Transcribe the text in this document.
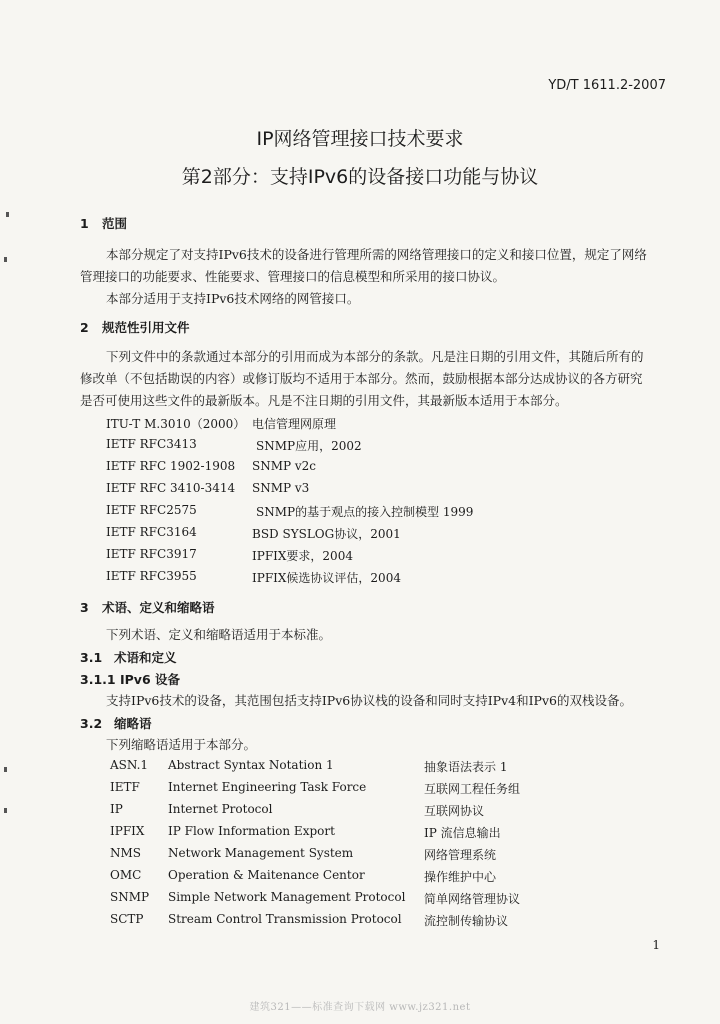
YD/T 1611.2-2007
IP网络管理接口技术要求
第2部分：支持IPv6的设备接口功能与协议
1 范围
本部分规定了对支持IPv6技术的设备进行管理所需的网络管理接口的定义和接口位置，规定了网络
管理接口的功能要求、性能要求、管理接口的信息模型和所采用的接口协议。
本部分适用于支持IPv6技术网络的网管接口。
2 规范性引用文件
下列文件中的条款通过本部分的引用而成为本部分的条款。凡是注日期的引用文件，其随后所有的
修改单（不包括勘误的内容）或修订版均不适用于本部分。然而，鼓励根据本部分达成协议的各方研究
是否可使用这些文件的最新版本。凡是不注日期的引用文件，其最新版本适用于本部分。
ITU-T M.3010（2000） 电信管理网原理
IETF RFC3413	SNMP应用，2002
IETF RFC 1902-1908 SNMP v2c
IETF RFC 3410-3414 SNMP v3
IETF RFC2575	SNMP的基于观点的接入控制模型 1999
IETF RFC3164	BSD SYSLOG协议，2001
IETF RFC3917	IPFIX要求，2004
IETF RFC3955	IPFIX候选协议评估，2004
3 术语、定义和缩略语
下列术语、定义和缩略语适用于本标准。
3.1 术语和定义
3.1.1 IPv6 设备
支持IPv6技术的设备，其范围包括支持IPv6协议栈的设备和同时支持IPv4和IPv6的双栈设备。
3.2 缩略语
下列缩略语适用于本部分。
ASN.1 Abstract Syntax Notation 1	抽象语法表示 1
IETF Internet Engineering Task Force	互联网工程任务组
IP	Internet Protocol	互联网协议
IPFIX IP Flow Information Export	IP 流信息输出
NMS Network Management System	网络管理系统
OMC Operation & Maitenance Centor	操作维护中心
SNMP Simple Network Management Protocol 简单网络管理协议
SCTP Stream Control Transmission Protocol 流控制传输协议
1
建筑321——标准查询下载网 www.jz321.net
